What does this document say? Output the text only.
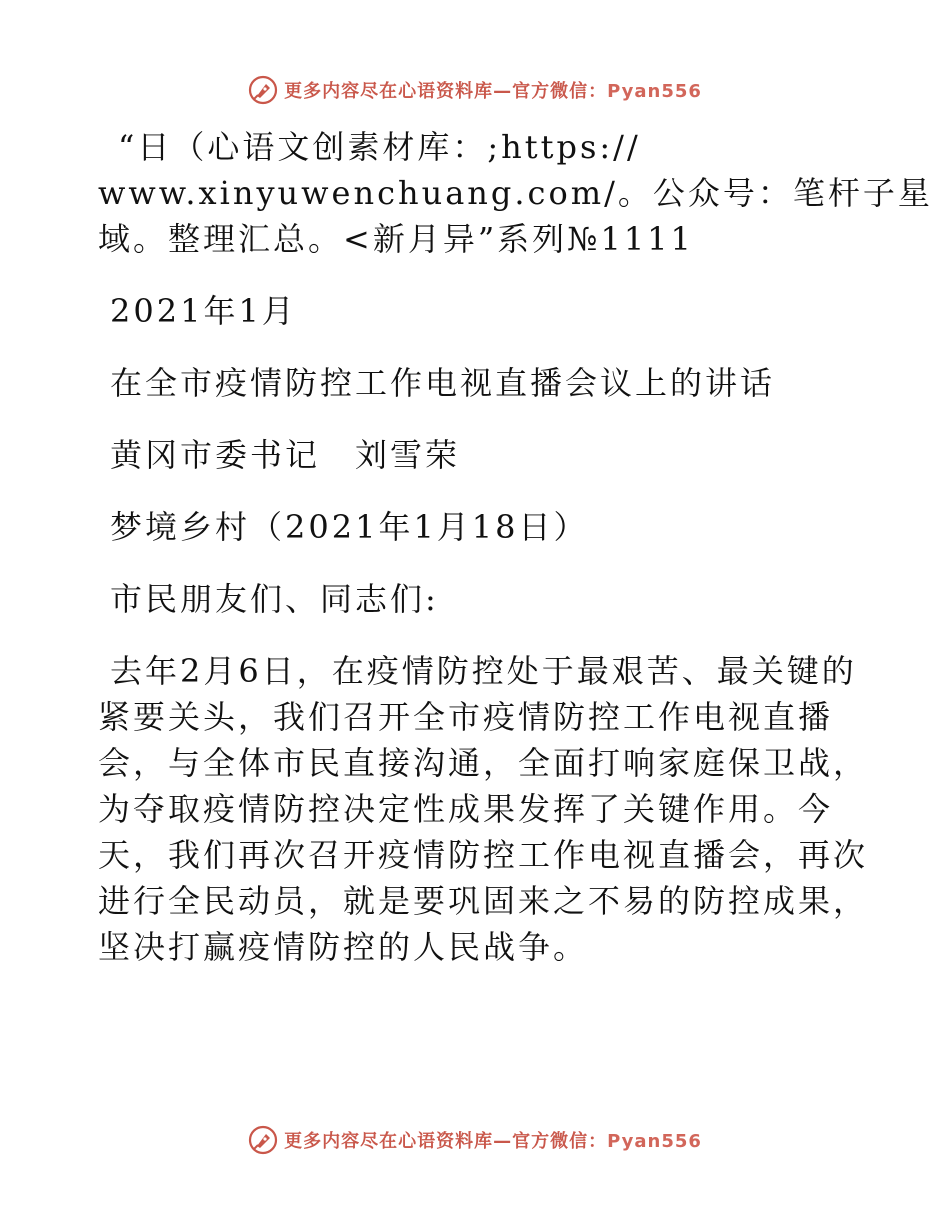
更多内容尽在心语资料库—官方微信：Pyan556
“日（心语文创素材库：;https://
www.xinyuwenchuang.com/。公众号：笔杆子星
域。整理汇总。<新月异”系列№1111
2021年1月
在全市疫情防控工作电视直播会议上的讲话
黄冈市委书记　刘雪荣
梦境乡村（2021年1月18日）
市民朋友们、同志们:
去年2月6日，在疫情防控处于最艰苦、最关键的
紧要关头，我们召开全市疫情防控工作电视直播
会，与全体市民直接沟通，全面打响家庭保卫战，
为夺取疫情防控决定性成果发挥了关键作用。今
天，我们再次召开疫情防控工作电视直播会，再次
进行全民动员，就是要巩固来之不易的防控成果，
坚决打赢疫情防控的人民战争。
更多内容尽在心语资料库—官方微信：Pyan556
